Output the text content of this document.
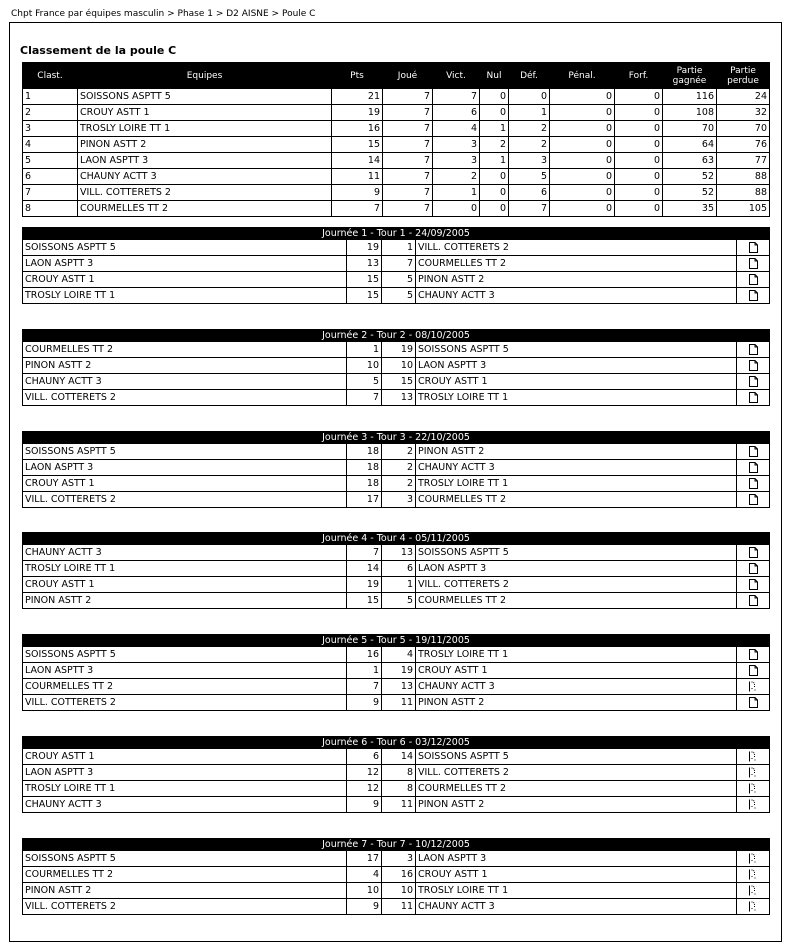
Chpt France par équipes masculin > Phase 1 > D2 AISNE > Poule C
Classement de la poule C
Clast.	Equipes	Pts	Joué	Vict.	Nul	Déf.	Pénal.	Forf.	Partie gagnée	Partie perdue
1	SOISSONS ASPTT 5	21	7	7	0	0	0	0	116	24
2	CROUY ASTT 1	19	7	6	0	1	0	0	108	32
3	TROSLY LOIRE TT 1	16	7	4	1	2	0	0	70	70
4	PINON ASTT 2	15	7	3	2	2	0	0	64	76
5	LAON ASPTT 3	14	7	3	1	3	0	0	63	77
6	CHAUNY ACTT 3	11	7	2	0	5	0	0	52	88
7	VILL. COTTERETS 2	9	7	1	0	6	0	0	52	88
8	COURMELLES TT 2	7	7	0	0	7	0	0	35	105
Journée 1 - Tour 1 - 24/09/2005				
SOISSONS ASPTT 5	19	1	VILL. COTTERETS 2	
LAON ASPTT 3	13	7	COURMELLES TT 2	
CROUY ASTT 1	15	5	PINON ASTT 2	
TROSLY LOIRE TT 1	15	5	CHAUNY ACTT 3	
Journée 2 - Tour 2 - 08/10/2005				
COURMELLES TT 2	1	19	SOISSONS ASPTT 5	
PINON ASTT 2	10	10	LAON ASPTT 3	
CHAUNY ACTT 3	5	15	CROUY ASTT 1	
VILL. COTTERETS 2	7	13	TROSLY LOIRE TT 1	
Journée 3 - Tour 3 - 22/10/2005				
SOISSONS ASPTT 5	18	2	PINON ASTT 2	
LAON ASPTT 3	18	2	CHAUNY ACTT 3	
CROUY ASTT 1	18	2	TROSLY LOIRE TT 1	
VILL. COTTERETS 2	17	3	COURMELLES TT 2	
Journée 4 - Tour 4 - 05/11/2005				
CHAUNY ACTT 3	7	13	SOISSONS ASPTT 5	
TROSLY LOIRE TT 1	14	6	LAON ASPTT 3	
CROUY ASTT 1	19	1	VILL. COTTERETS 2	
PINON ASTT 2	15	5	COURMELLES TT 2	
Journée 5 - Tour 5 - 19/11/2005				
SOISSONS ASPTT 5	16	4	TROSLY LOIRE TT 1	
LAON ASPTT 3	1	19	CROUY ASTT 1	
COURMELLES TT 2	7	13	CHAUNY ACTT 3	
VILL. COTTERETS 2	9	11	PINON ASTT 2	
Journée 6 - Tour 6 - 03/12/2005				
CROUY ASTT 1	6	14	SOISSONS ASPTT 5	
LAON ASPTT 3	12	8	VILL. COTTERETS 2	
TROSLY LOIRE TT 1	12	8	COURMELLES TT 2	
CHAUNY ACTT 3	9	11	PINON ASTT 2	
Journée 7 - Tour 7 - 10/12/2005				
SOISSONS ASPTT 5	17	3	LAON ASPTT 3	
COURMELLES TT 2	4	16	CROUY ASTT 1	
PINON ASTT 2	10	10	TROSLY LOIRE TT 1	
VILL. COTTERETS 2	9	11	CHAUNY ACTT 3	
